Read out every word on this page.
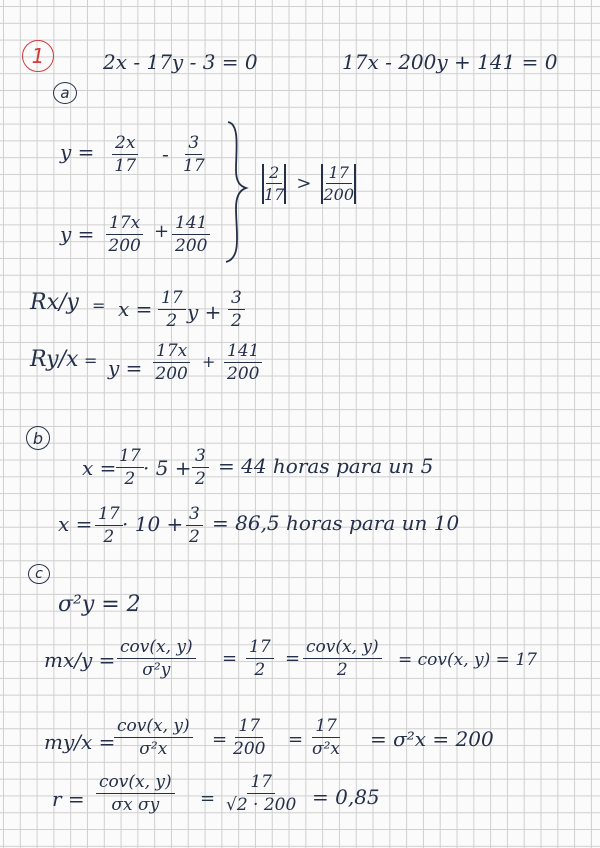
1	2x - 17y - 3 = 0	17x - 200y + 141 = 0
a
$y = \frac{2x}{17} - \frac{3}{17}$
$y = \frac{17x}{200} + \frac{141}{200}$
$\frac{2}{17} > \frac{17}{200}$
$Rx/y = x = \frac{17}{2}$ $y + \frac{3}{2}$
$Ry/x = y = \frac{17x}{200} + \frac{141}{200}$
b
$x = \frac{17}{2} \cdot 5 + \frac{3}{2} = 44$ horas para un 5
$x = \frac{17}{2} \cdot 10 + \frac{3}{2} = 86,5$ horas para un 10
c
σ²y = 2
mx/y =
cov(x, y)
σ²y
= $\frac{17}{2}$ =
cov(x, y)
2	= cov(x, y) = 17
my/x =
cov(x, y)
$\sigma^2x = \frac{17}{200} = \frac{17}{\text{σ²x}} = \sigma^2x = 200$
r =
cov(x, y)
σx $\sigma y = \frac{17}{√2 \cdot 200} = 0,85$
